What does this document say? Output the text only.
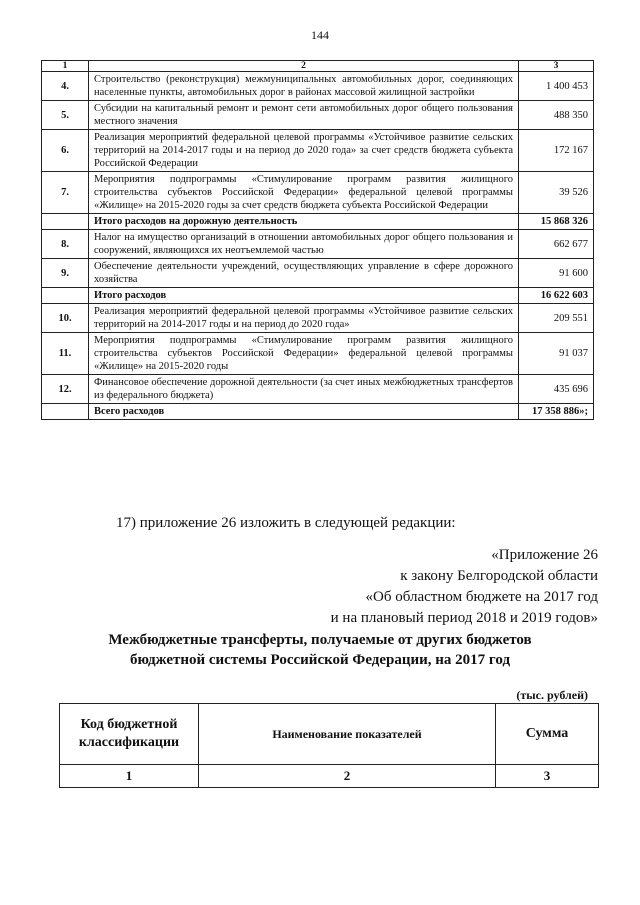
144
1	2	3
4.	Строительство (реконструкция) межмуниципальных автомобильных дорог, соединяющих населенные пункты, автомобильных дорог в районах массовой жилищной застройки	1 400 453
5.	Субсидии на капитальный ремонт и ремонт сети автомобильных дорог общего пользования местного значения	488 350
6.	Реализация мероприятий федеральной целевой программы «Устойчивое развитие сельских территорий на 2014-2017 годы и на период до 2020 года» за счет средств бюджета субъекта Российской Федерации	172 167
7.	Мероприятия подпрограммы «Стимулирование программ развития жилищного строительства субъектов Российской Федерации» федеральной целевой программы «Жилище» на 2015-2020 годы за счет средств бюджета субъекта Российской Федерации	39 526
	Итого расходов на дорожную деятельность	15 868 326
8.	Налог на имущество организаций в отношении автомобильных дорог общего пользования и сооружений, являющихся их неотъемлемой частью	662 677
9.	Обеспечение деятельности учреждений, осуществляющих управление в сфере дорожного хозяйства	91 600
	Итого расходов	16 622 603
10.	Реализация мероприятий федеральной целевой программы «Устойчивое развитие сельских территорий на 2014-2017 годы и на период до 2020 года»	209 551
11.	Мероприятия подпрограммы «Стимулирование программ развития жилищного строительства субъектов Российской Федерации» федеральной целевой программы «Жилище» на 2015-2020 годы	91 037
12.	Финансовое обеспечение дорожной деятельности (за счет иных межбюджетных трансфертов из федерального бюджета)	435 696
	Всего расходов	17 358 886»;
17) приложение 26 изложить в следующей редакции:
«Приложение 26
к закону Белгородской области
«Об областном бюджете на 2017 год
и на плановый период 2018 и 2019 годов»
Межбюджетные трансферты, получаемые от других бюджетов
бюджетной системы Российской Федерации, на 2017 год
(тыс. рублей)
Код бюджетной классификации	Наименование показателей	Сумма
1	2	3
